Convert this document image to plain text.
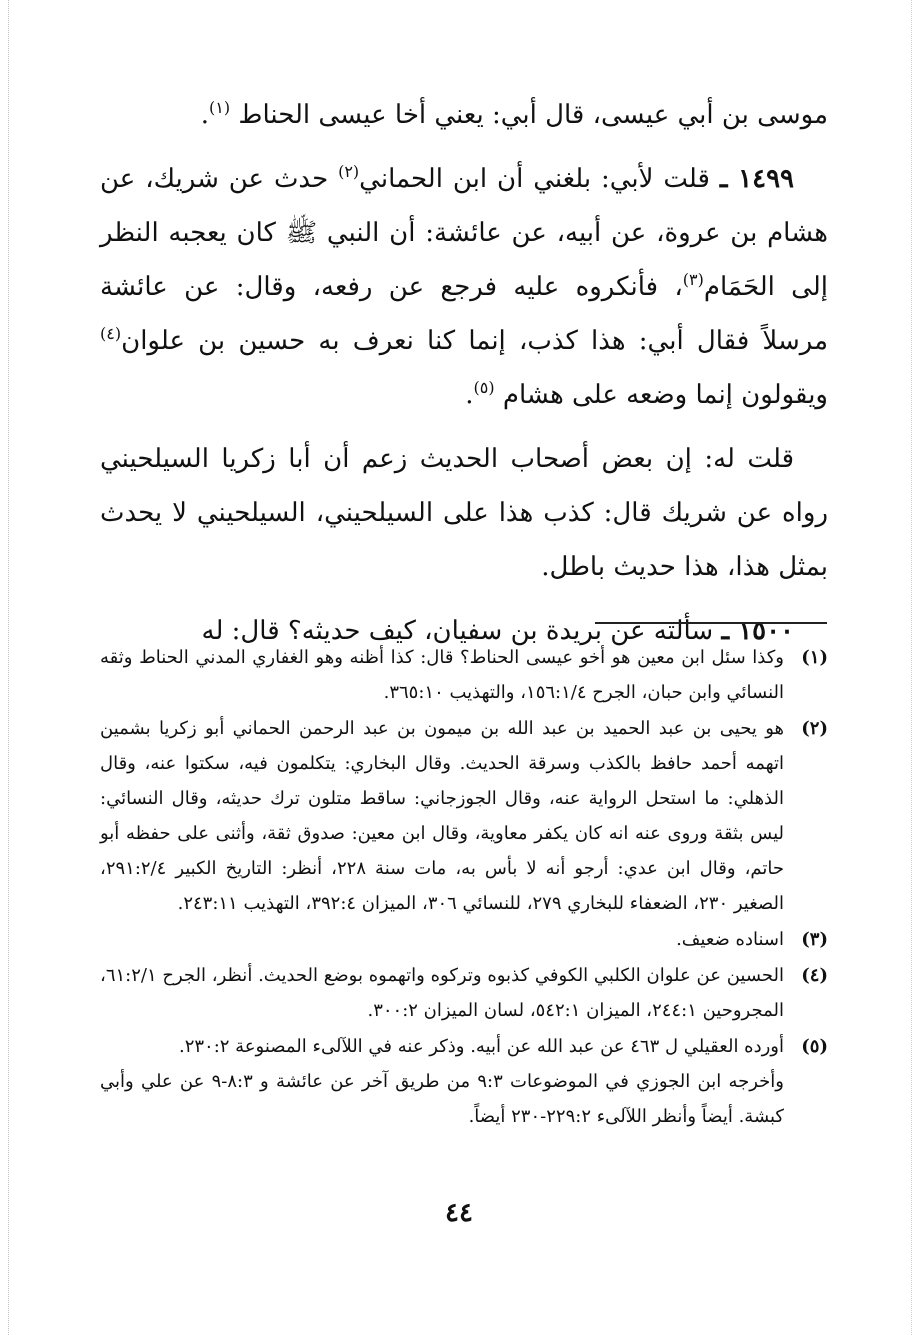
موسى بن أبي عيسى، قال أبي: يعني أخا عيسى الحناط $^{(١)}$.

١٤٩٩ ـ قلت لأبي: بلغني أن ابن الحماني$^{(٢)}$ حدث عن شريك، عن هشام بن عروة، عن أبيه، عن عائشة: أن النبي ﷺ كان يعجبه النظر إلى الحَمَام$^{(٣)}$، فأنكروه عليه فرجع عن رفعه، وقال: عن عائشة مرسلاً فقال أبي: هذا كذب، إنما كنا نعرف به حسين بن علوان$^{(٤)}$ ويقولون إنما وضعه على هشام $^{(٥)}$.

قلت له: إن بعض أصحاب الحديث زعم أن أبا زكريا السيلحيني رواه عن شريك قال: كذب هذا على السيلحيني، السيلحيني لا يحدث بمثل هذا، هذا حديث باطل.

١٥٠٠ ـ سألته عن بريدة بن سفيان، كيف حديثه؟ قال: له

(١)
وكذا سئل ابن معين هو أخو عيسى الحناط؟ قال: كذا أظنه وهو الغفاري المدني الحناط وثقه النسائي وابن حبان، الجرح ١٥٦:١/٤، والتهذيب ٣٦٥:١٠.
(٢)
هو يحيى بن عبد الحميد بن عبد الله بن ميمون بن عبد الرحمن الحماني أبو زكريا بشمين اتهمه أحمد حافظ بالكذب وسرقة الحديث. وقال البخاري: يتكلمون فيه، سكتوا عنه، وقال الذهلي: ما استحل الرواية عنه، وقال الجوزجاني: ساقط متلون ترك حديثه، وقال النسائي: ليس بثقة وروى عنه انه كان يكفر معاوية، وقال ابن معين: صدوق ثقة، وأثنى على حفظه أبو حاتم، وقال ابن عدي: أرجو أنه لا بأس به، مات سنة ٢٢٨، أنظر: التاريخ الكبير ٢٩١:٢/٤، الصغير ٢٣٠، الضعفاء للبخاري ٢٧٩، للنسائي ٣٠٦، الميزان ٣٩٢:٤، التهذيب ٢٤٣:١١.
(٣)
اسناده ضعيف.
(٤)
الحسين عن علوان الكلبي الكوفي كذبوه وتركوه واتهموه بوضع الحديث. أنظر، الجرح ٦١:٢/١، المجروحين ٢٤٤:١، الميزان ٥٤٢:١، لسان الميزان ٣٠٠:٢.
(٥)
أورده العقيلي ل ٤٦٣ عن عبد الله عن أبيه. وذكر عنه في اللآلىء المصنوعة ٢٣٠:٢.
وأخرجه ابن الجوزي في الموضوعات ٩:٣ من طريق آخر عن عائشة و ٨:٣-٩ عن علي وأبي كبشة. أيضاً وأنظر اللآلىء ٢٢٩:٢-٢٣٠ أيضاً.
٤٤
